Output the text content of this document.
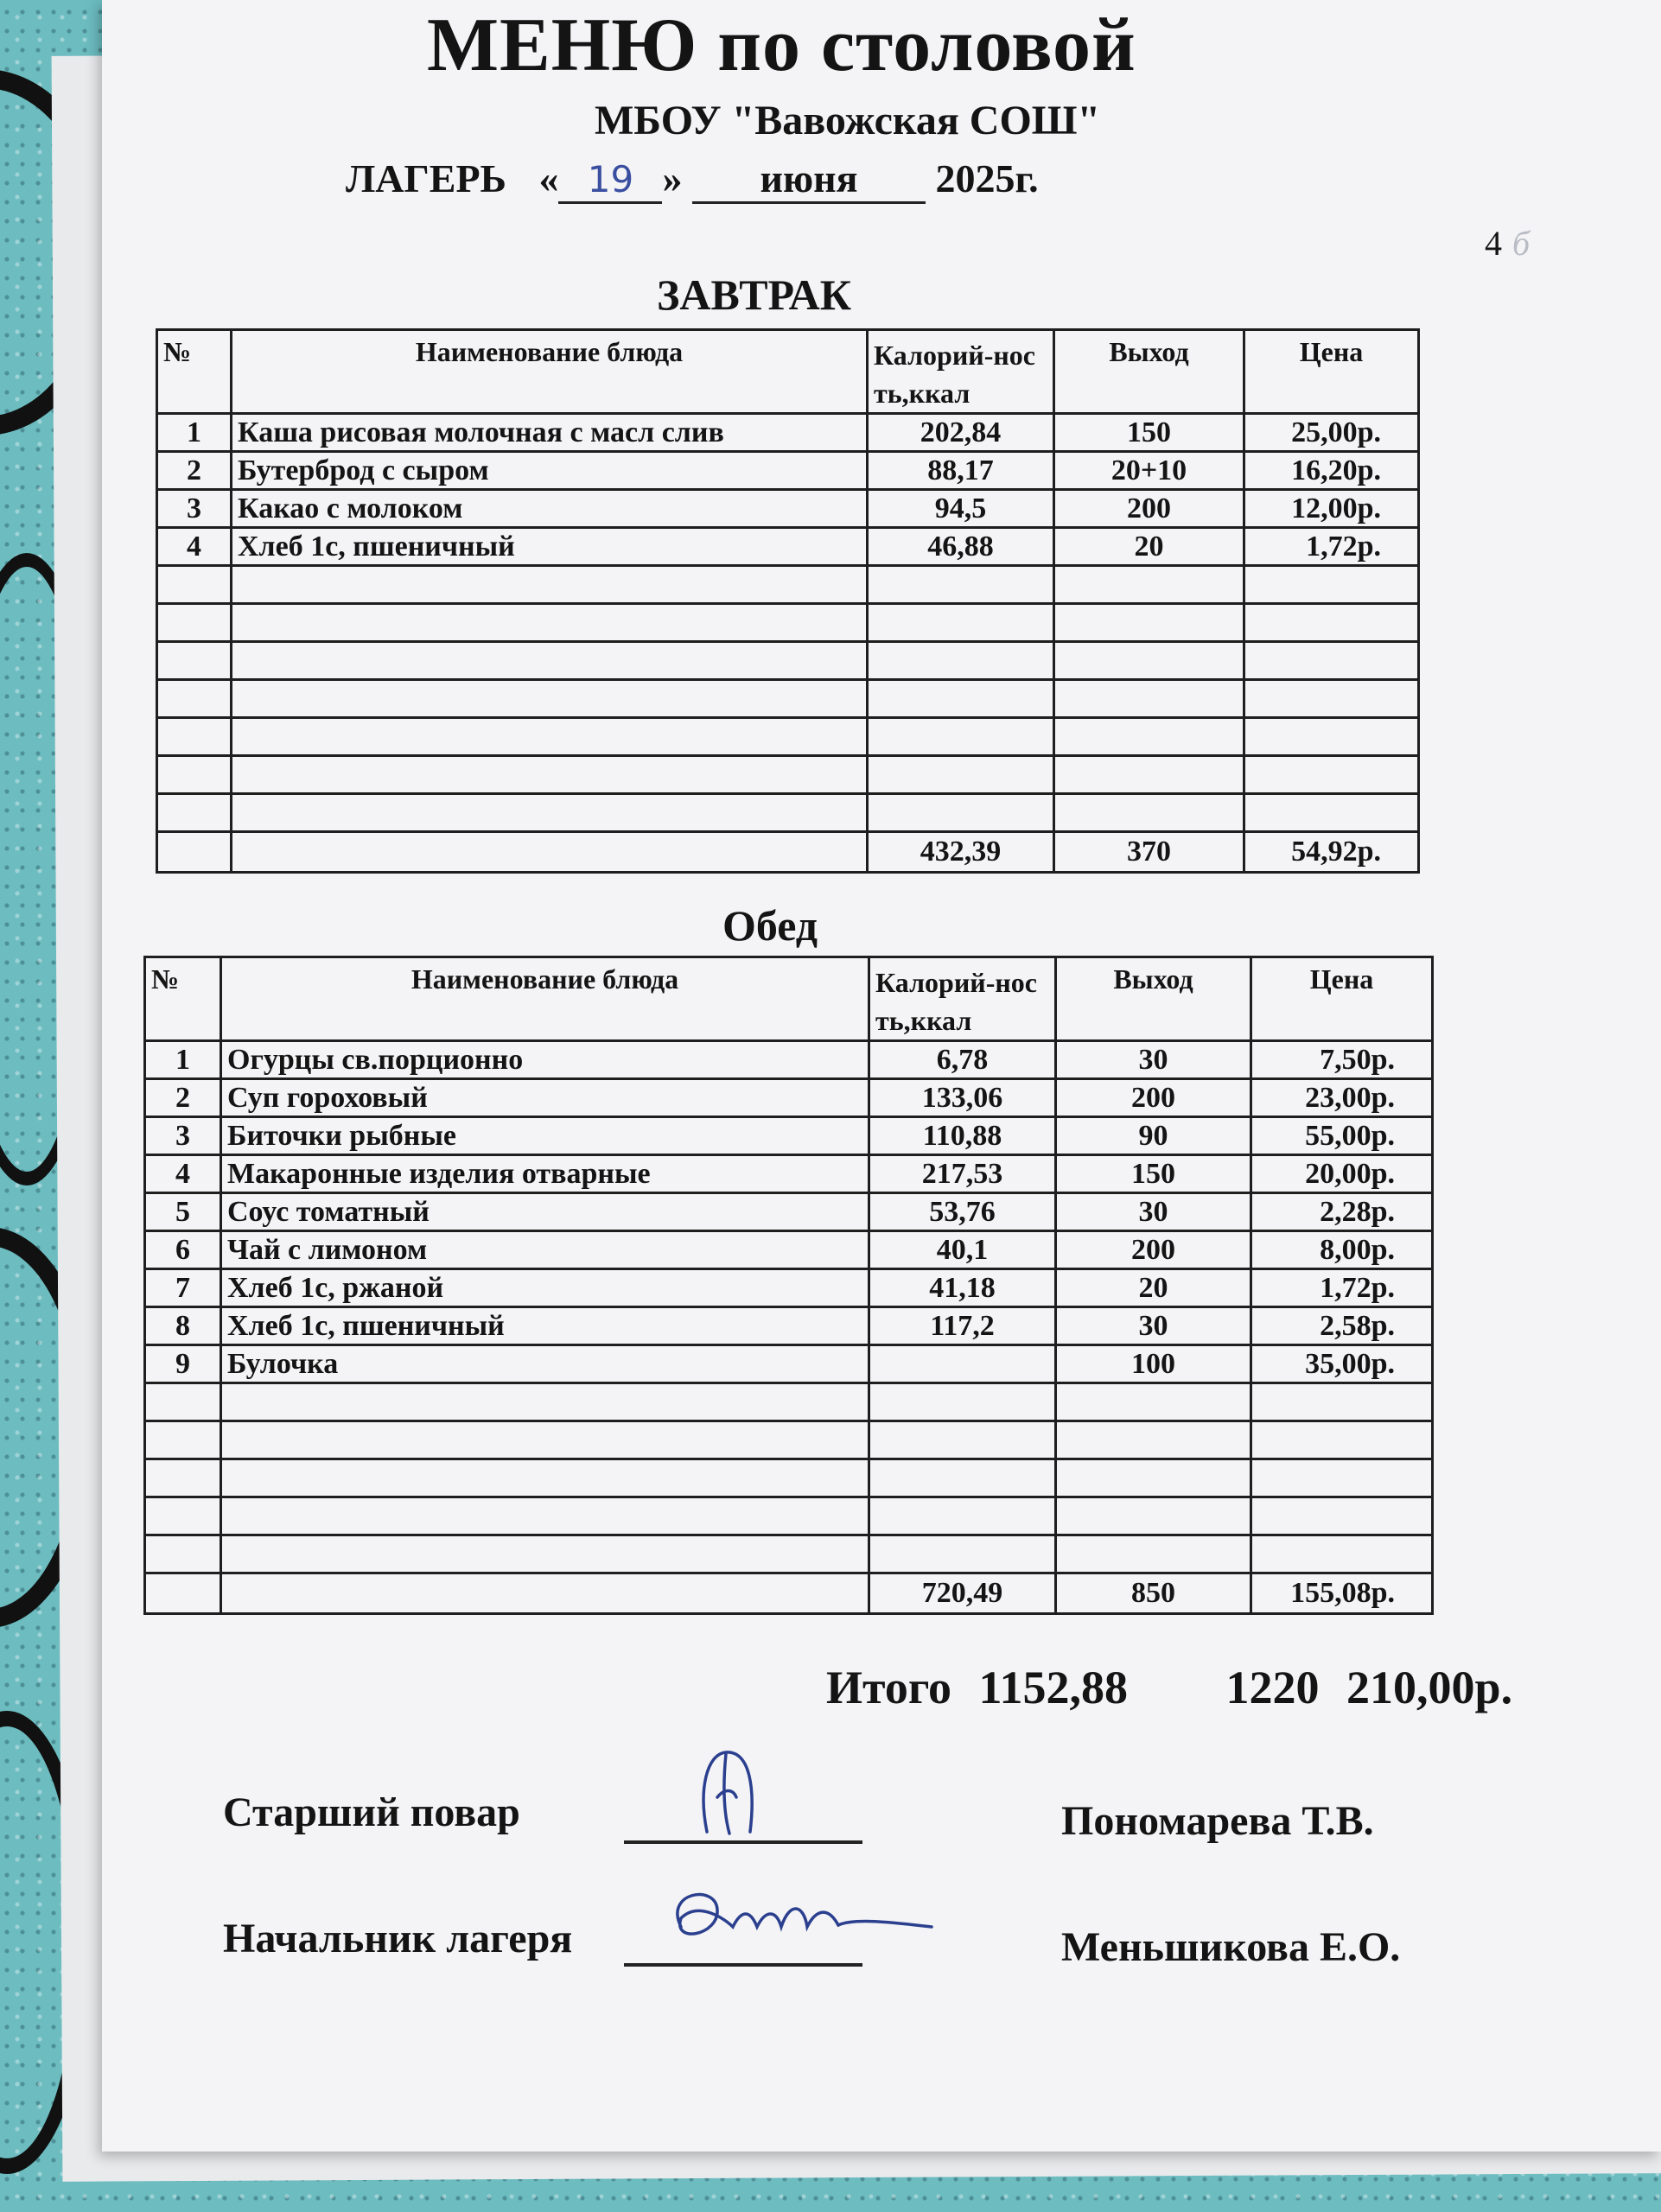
МЕНЮ по столовой
МБОУ "Вавожская СОШ"
ЛАГЕРЬ « 19 » июня 2025г.
4 б
ЗАВТРАК
№	Наименование блюда	Калорий-ность,ккал	Выход	Цена
1	Каша рисовая молочная с масл слив	202,84	150	25,00р.
2	Бутерброд с сыром	88,17	20+10	16,20р.
3	Какао с молоком	94,5	200	12,00р.
4	Хлеб 1с, пшеничный	46,88	20	1,72р.

		432,39	370	54,92р.
Обед
№	Наименование блюда	Калорий-ность,ккал	Выход	Цена
1	Огурцы св.порционно	6,78	30	7,50р.
2	Суп гороховый	133,06	200	23,00р.
3	Биточки рыбные	110,88	90	55,00р.
4	Макаронные изделия отварные	217,53	150	20,00р.
5	Соус томатный	53,76	30	2,28р.
6	Чай с лимоном	40,1	200	8,00р.
7	Хлеб 1с, ржаной	41,18	20	1,72р.
8	Хлеб 1с, пшеничный	117,2	30	2,58р.
9	Булочка		100	35,00р.

		720,49	850	155,08р.
Итого 1152,88 1220 210,00р.
Старший повар	Пономарева Т.В.
Начальник лагеря	Меньшикова Е.О.
